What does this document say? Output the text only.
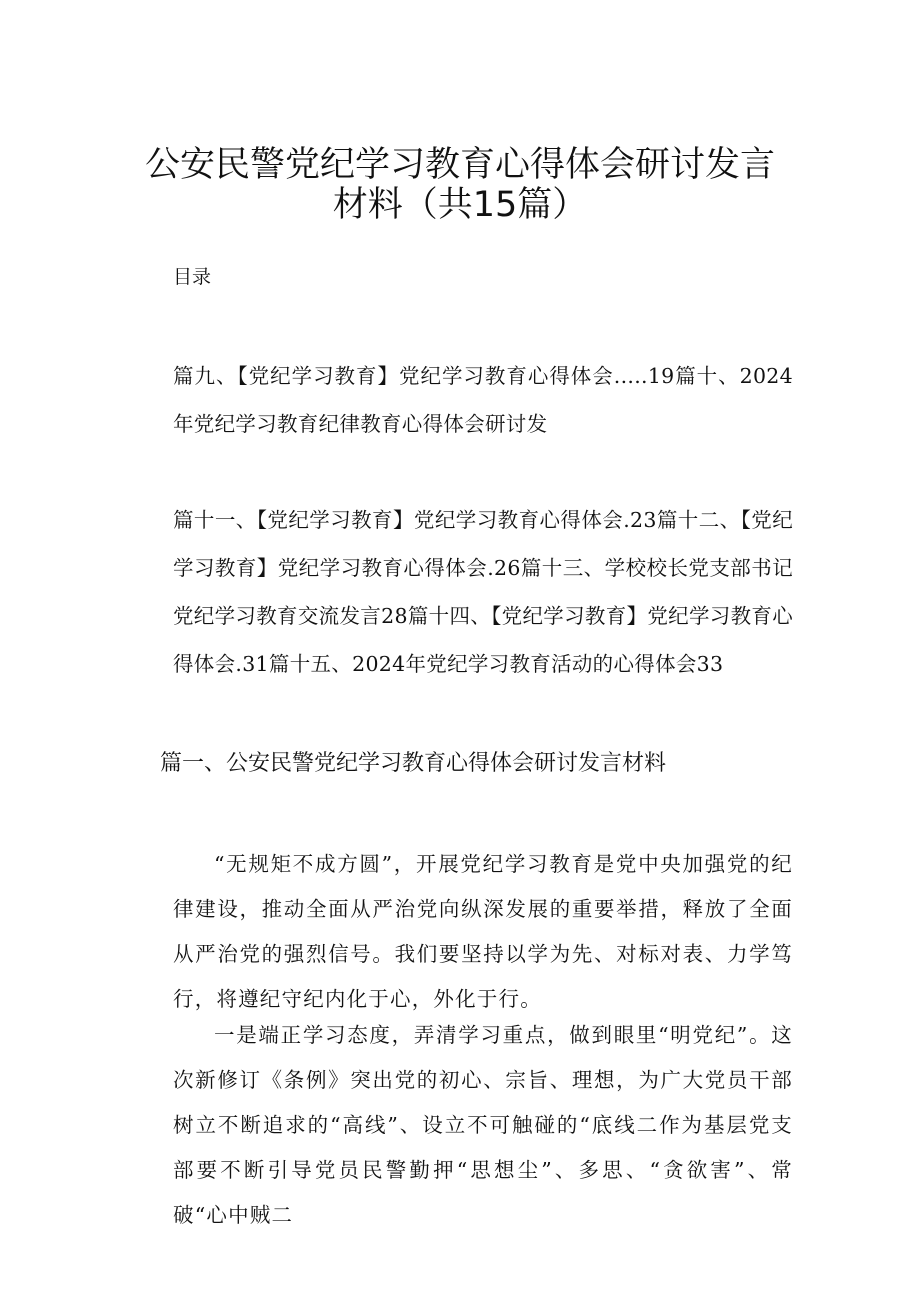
公安民警党纪学习教育心得体会研讨发言
材料（共15篇）
目录
篇九、【党纪学习教育】党纪学习教育心得体会.....19篇十、2024年党纪学习教育纪律教育心得体会研讨发
篇十一、【党纪学习教育】党纪学习教育心得体会.23篇十二、【党纪学习教育】党纪学习教育心得体会.26篇十三、学校校长党支部书记党纪学习教育交流发言28篇十四、【党纪学习教育】党纪学习教育心得体会.31篇十五、2024年党纪学习教育活动的心得体会33
篇一、公安民警党纪学习教育心得体会研讨发言材料

“无规矩不成方圆”，开展党纪学习教育是党中央加强党的纪律建设，推动全面从严治党向纵深发展的重要举措，释放了全面从严治党的强烈信号。我们要坚持以学为先、对标对表、力学笃行，将遵纪守纪内化于心，外化于行。

一是端正学习态度，弄清学习重点，做到眼里“明党纪”。这次新修订《条例》突出党的初心、宗旨、理想，为广大党员干部树立不断追求的“高线”、设立不可触碰的“底线二作为基层党支部要不断引导党员民警勤押“思想尘”、多思、“贪欲害”、常破“心中贼二
